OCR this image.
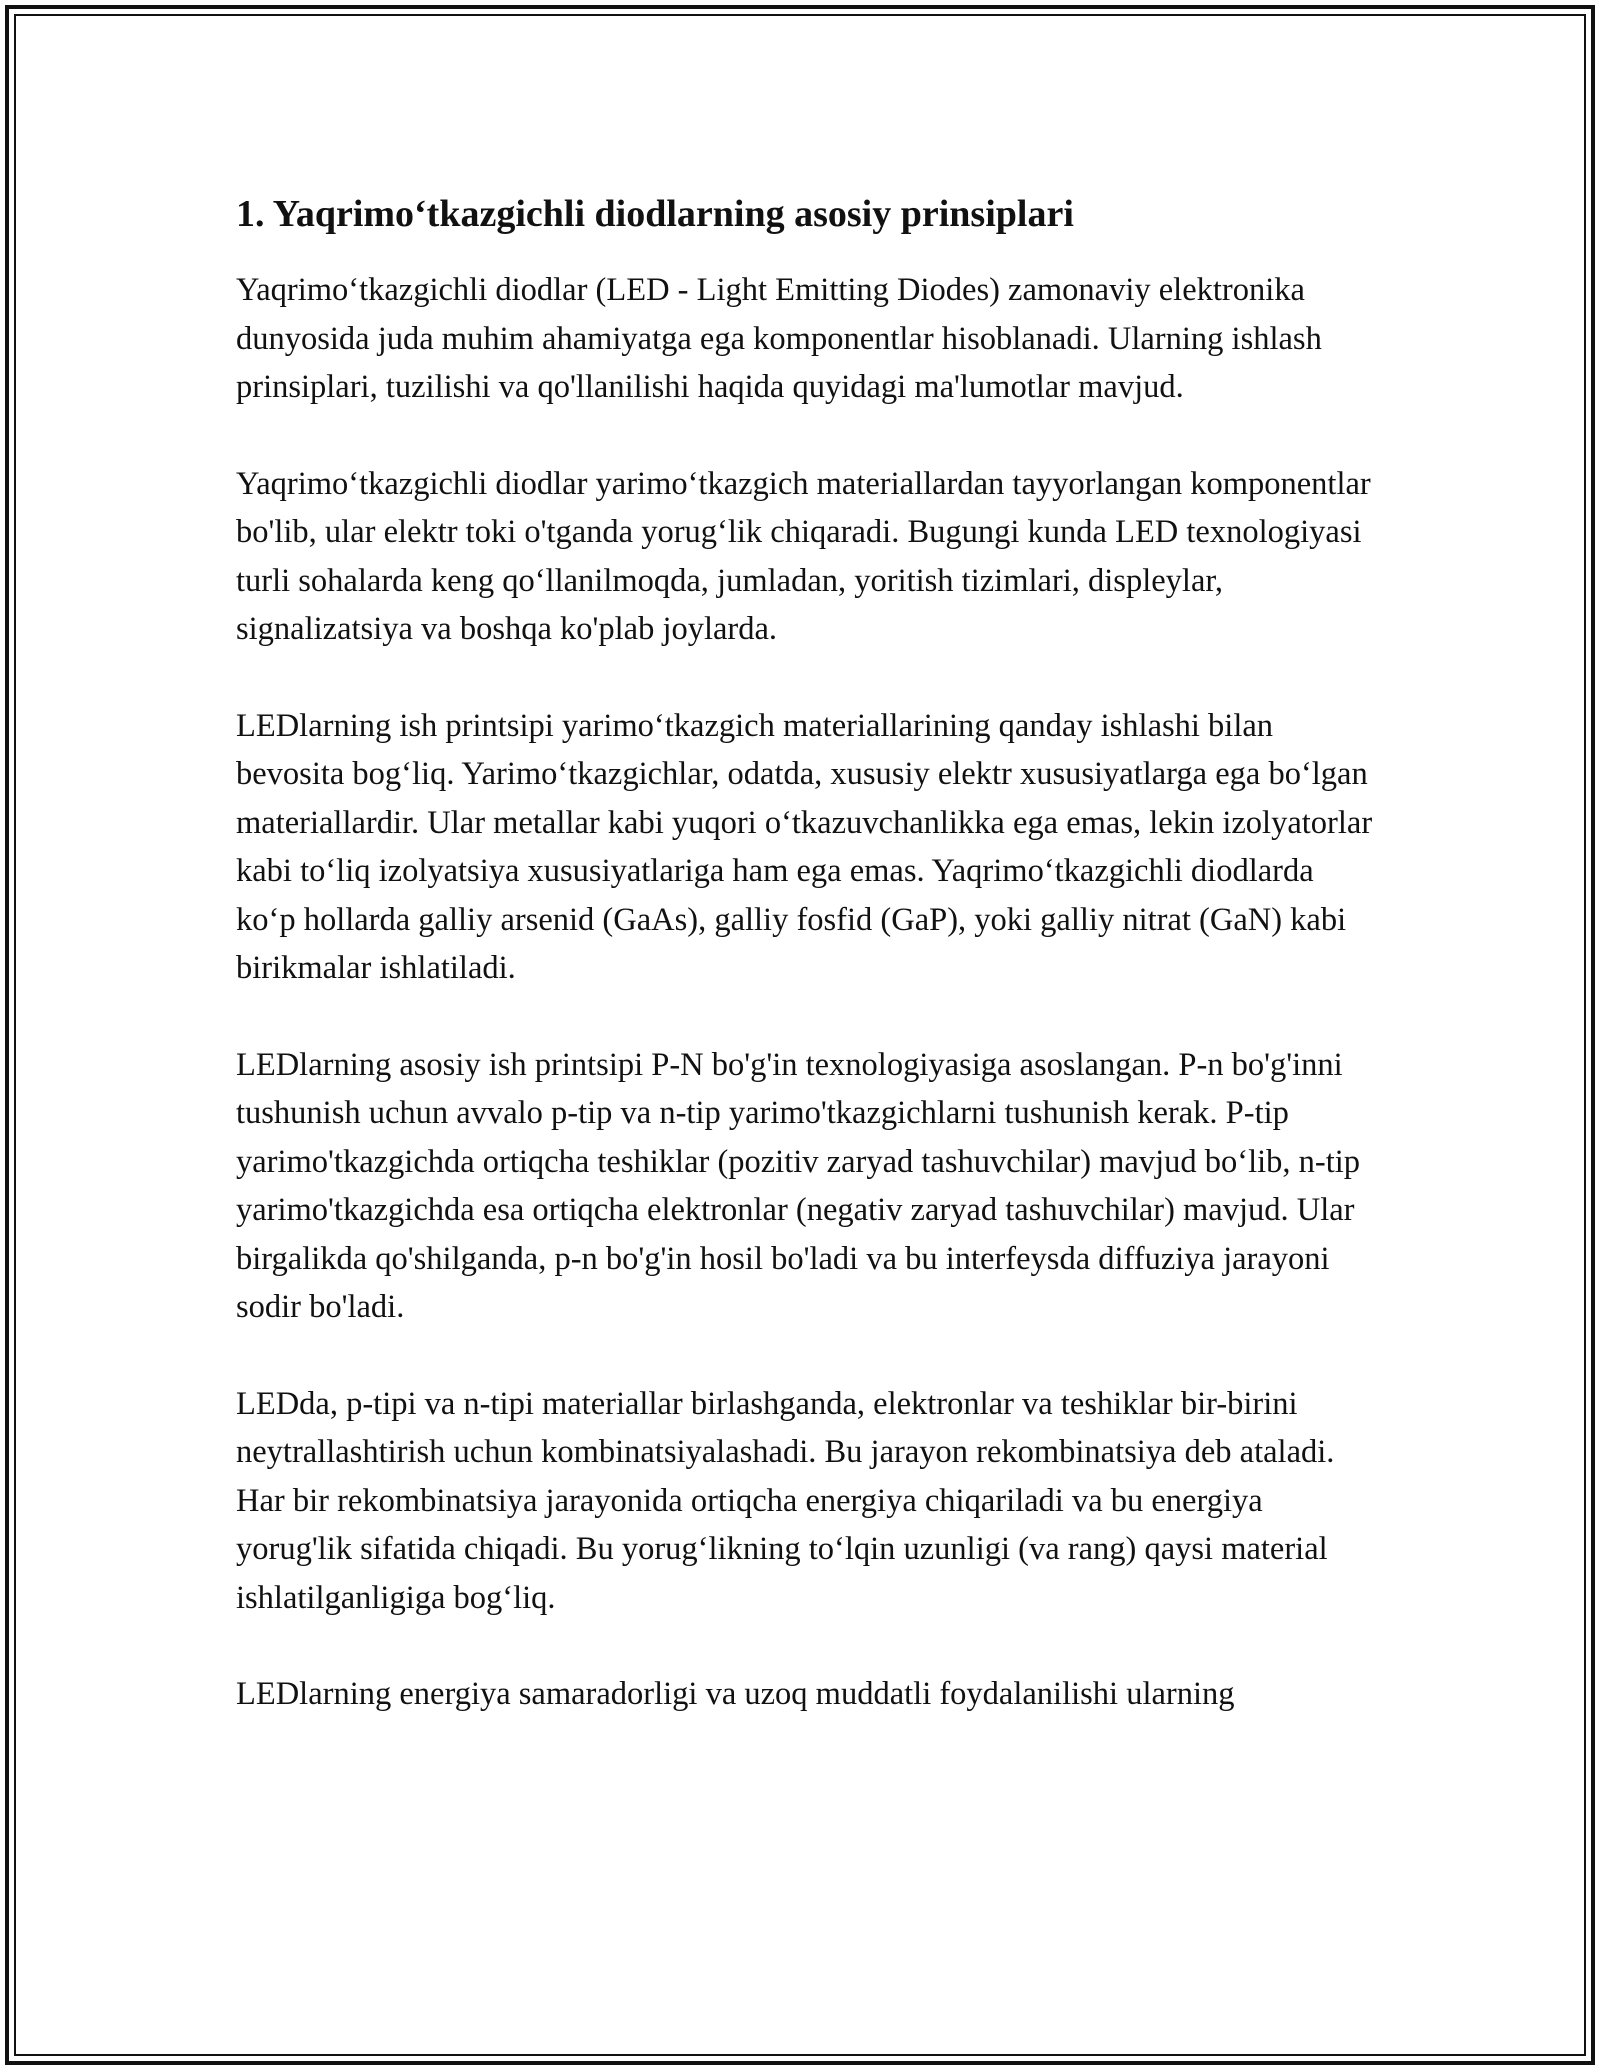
1. Yaqrimo‘tkazgichli diodlarning asosiy prinsiplari

Yaqrimo‘tkazgichli diodlar (LED - Light Emitting Diodes) zamonaviy elektronika dunyosida juda muhim ahamiyatga ega komponentlar hisoblanadi. Ularning ishlash prinsiplari, tuzilishi va qo'llanilishi haqida quyidagi ma'lumotlar mavjud.

Yaqrimo‘tkazgichli diodlar yarimo‘tkazgich materiallardan tayyorlangan komponentlar bo'lib, ular elektr toki o'tganda yorug‘lik chiqaradi. Bugungi kunda LED texnologiyasi turli sohalarda keng qo‘llanilmoqda, jumladan, yoritish tizimlari, displeylar, signalizatsiya va boshqa ko'plab joylarda.

LEDlarning ish printsipi yarimo‘tkazgich materiallarining qanday ishlashi bilan bevosita bog‘liq. Yarimo‘tkazgichlar, odatda, xususiy elektr xususiyatlarga ega bo‘lgan materiallardir. Ular metallar kabi yuqori o‘tkazuvchanlikka ega emas, lekin izolyatorlar kabi to‘liq izolyatsiya xususiyatlariga ham ega emas. Yaqrimo‘tkazgichli diodlarda ko‘p hollarda galliy arsenid (GaAs), galliy fosfid (GaP), yoki galliy nitrat (GaN) kabi birikmalar ishlatiladi.

LEDlarning asosiy ish printsipi P-N bo'g'in texnologiyasiga asoslangan. P-n bo'g'inni tushunish uchun avvalo p-tip va n-tip yarimo'tkazgichlarni tushunish kerak. P-tip yarimo'tkazgichda ortiqcha teshiklar (pozitiv zaryad tashuvchilar) mavjud bo‘lib, n-tip yarimo'tkazgichda esa ortiqcha elektronlar (negativ zaryad tashuvchilar) mavjud. Ular birgalikda qo'shilganda, p-n bo'g'in hosil bo'ladi va bu interfeysda diffuziya jarayoni sodir bo'ladi.

LEDda, p-tipi va n-tipi materiallar birlashganda, elektronlar va teshiklar bir-birini neytrallashtirish uchun kombinatsiyalashadi. Bu jarayon rekombinatsiya deb ataladi. Har bir rekombinatsiya jarayonida ortiqcha energiya chiqariladi va bu energiya yorug'lik sifatida chiqadi. Bu yorug‘likning to‘lqin uzunligi (va rang) qaysi material ishlatilganligiga bog‘liq.

LEDlarning energiya samaradorligi va uzoq muddatli foydalanilishi ularning
